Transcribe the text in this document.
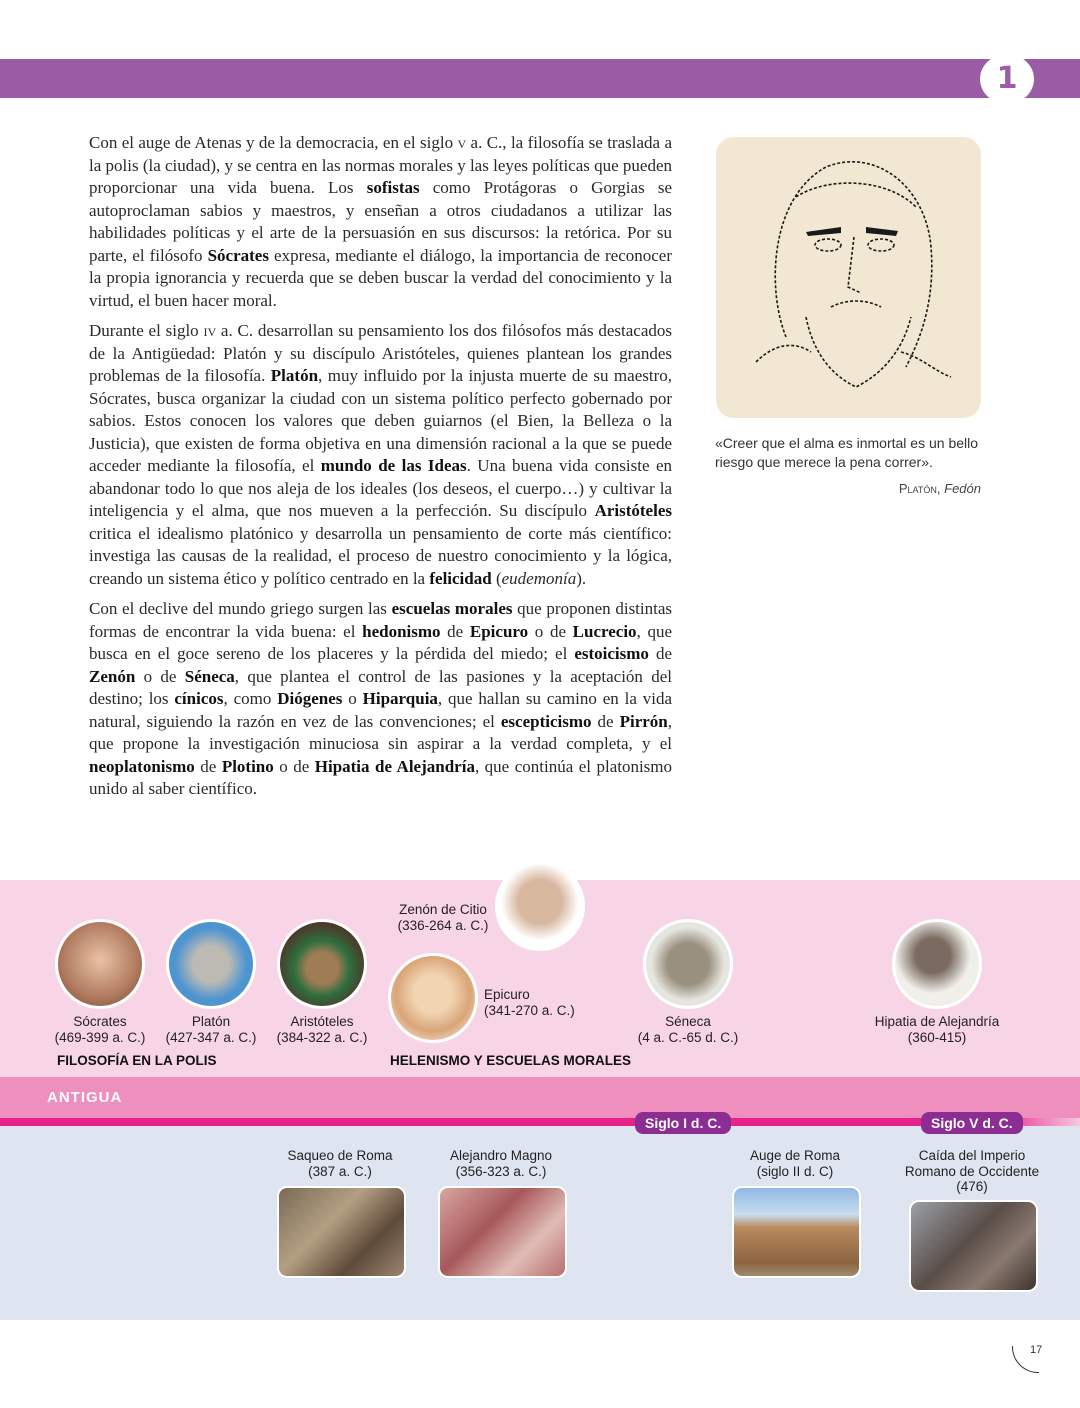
1

Con el auge de Atenas y de la democracia, en el siglo v a. C., la filosofía se traslada a la polis (la ciudad), y se centra en las normas morales y las leyes políticas que pueden proporcionar una vida buena. Los sofistas como Protágoras o Gorgias se autoproclaman sabios y maestros, y enseñan a otros ciudadanos a utilizar las habilidades políticas y el arte de la persuasión en sus discursos: la retórica. Por su parte, el filósofo Sócrates expresa, mediante el diálogo, la importancia de reconocer la propia ignorancia y recuerda que se deben buscar la verdad del conocimiento y la virtud, el buen hacer moral.

Durante el siglo iv a. C. desarrollan su pensamiento los dos filósofos más destacados de la Antigüedad: Platón y su discípulo Aristóteles, quienes plantean los grandes problemas de la filosofía. Platón, muy influido por la injusta muerte de su maestro, Sócrates, busca organizar la ciudad con un sistema político perfecto gobernado por sabios. Estos conocen los valores que deben guiarnos (el Bien, la Belleza o la Justicia), que existen de forma objetiva en una dimensión racional a la que se puede acceder mediante la filosofía, el mundo de las Ideas. Una buena vida consiste en abandonar todo lo que nos aleja de los ideales (los deseos, el cuerpo…) y cultivar la inteligencia y el alma, que nos mueven a la perfección. Su discípulo Aristóteles critica el idealismo platónico y desarrolla un pensamiento de corte más científico: investiga las causas de la realidad, el proceso de nuestro conocimiento y la lógica, creando un sistema ético y político centrado en la felicidad (eudemonía).

Con el declive del mundo griego surgen las escuelas morales que proponen distintas formas de encontrar la vida buena: el hedonismo de Epicuro o de Lucrecio, que busca en el goce sereno de los placeres y la pérdida del miedo; el estoicismo de Zenón o de Séneca, que plantea el control de las pasiones y la aceptación del destino; los cínicos, como Diógenes o Hiparquia, que hallan su camino en la vida natural, siguiendo la razón en vez de las convenciones; el escepticismo de Pirrón, que propone la investigación minuciosa sin aspirar a la verdad completa, y el neoplatonismo de Plotino o de Hipatia de Alejandría, que continúa el platonismo unido al saber científico.

«Creer que el alma es inmortal es un bello riesgo que merece la pena correr».
Platón, Fedón
ANTIGUA
Sócrates
(469-399 a. C.)
Platón
(427-347 a. C.)
Aristóteles
(384-322 a. C.)
Zenón de Citio
(336-264 a. C.)
Epicuro
(341-270 a. C.)
Séneca
(4 a. C.-65 d. C.)
Hipatia de Alejandría
(360-415)
FILOSOFÍA EN LA POLIS	HELENISMO Y ESCUELAS MORALES
Siglo I d. C.	Siglo V d. C.
Saqueo de Roma
(387 a. C.)
Alejandro Magno
(356-323 a. C.)
Auge de Roma
(siglo II d. C)
Caída del Imperio Romano de Occidente (476)
17
